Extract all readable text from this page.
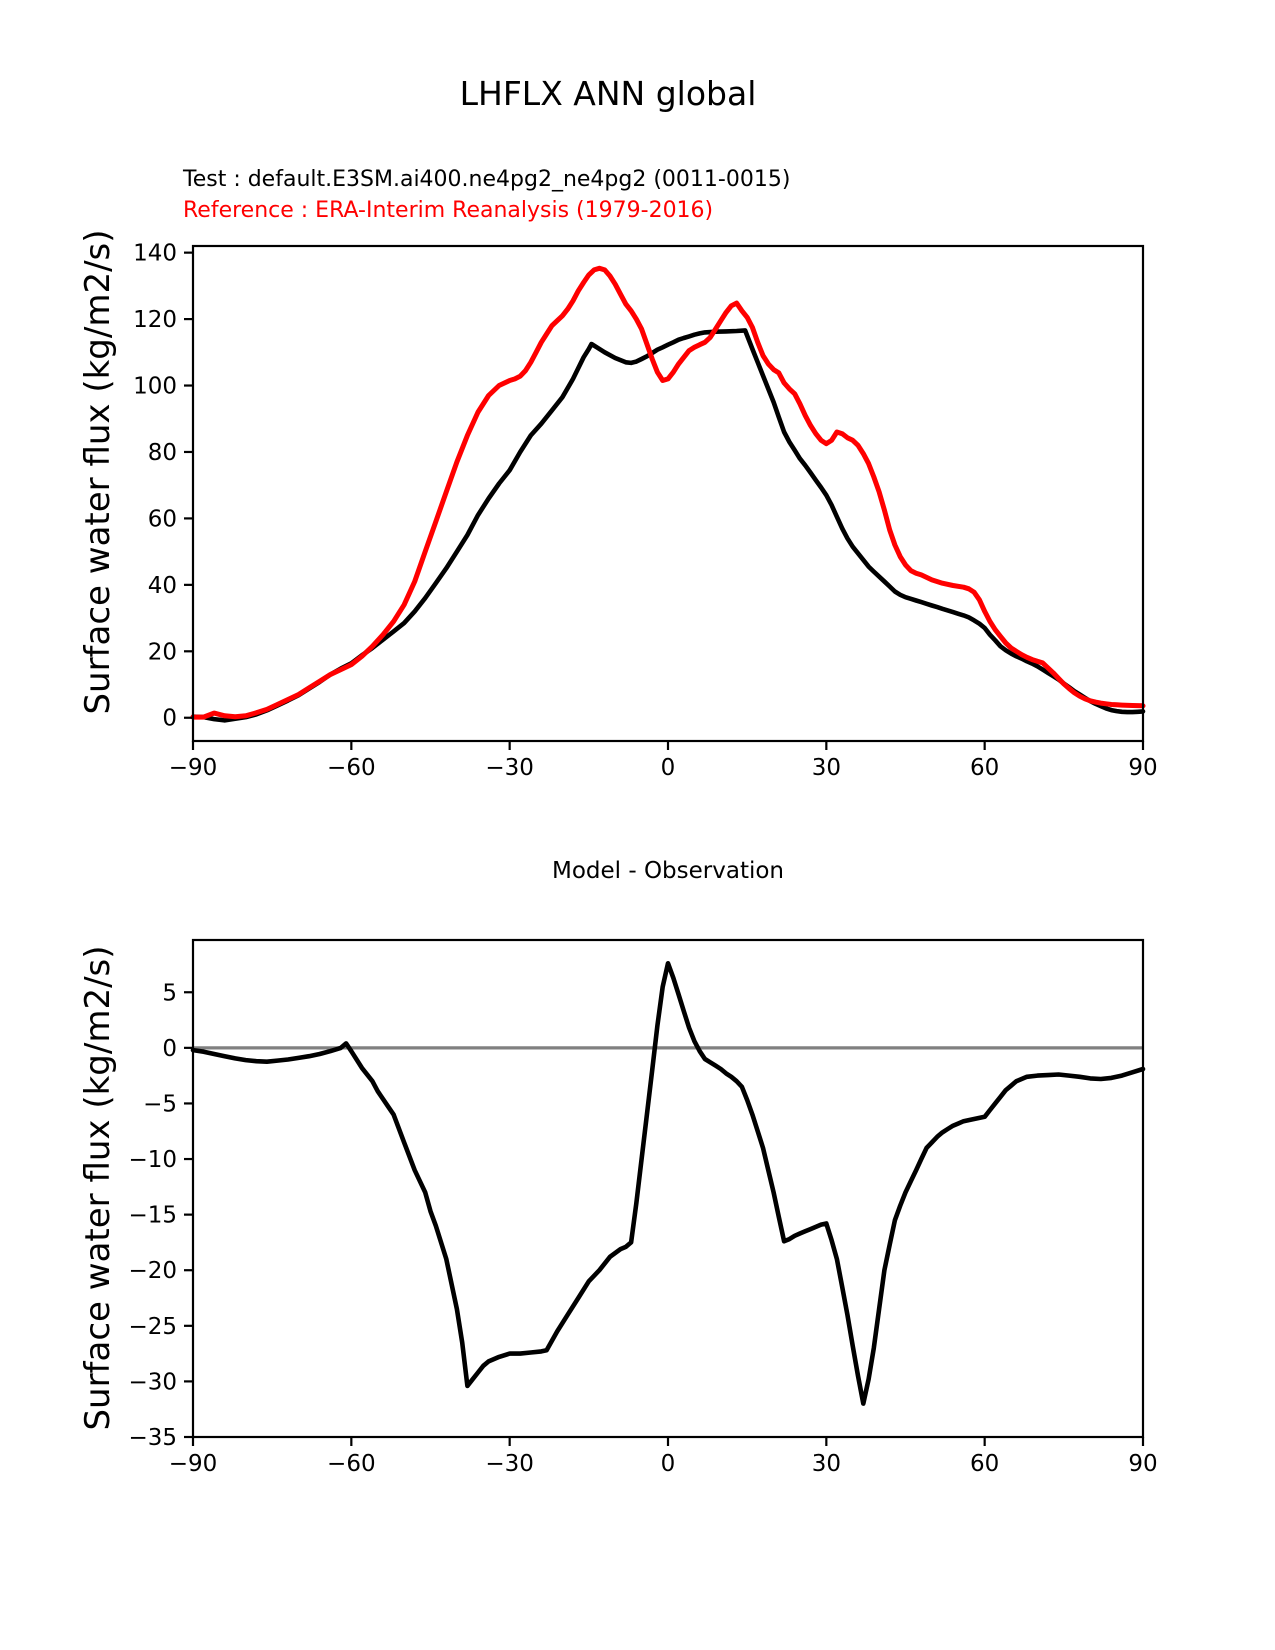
−90	−60	−30	0	30	60	90
0
20
40
60
80
100
120
140
−90	−60	−30	0	30	60	90
5
0
−5
−10
−15
−20
−25
−30
−35
LHFLX ANN global
Test : default.E3SM.ai400.ne4pg2_ne4pg2 (0011-0015)
Reference : ERA-Interim Reanalysis (1979-2016)
Surface water flux (kg/m2/s)
Surface water flux (kg/m2/s)
Model - Observation
